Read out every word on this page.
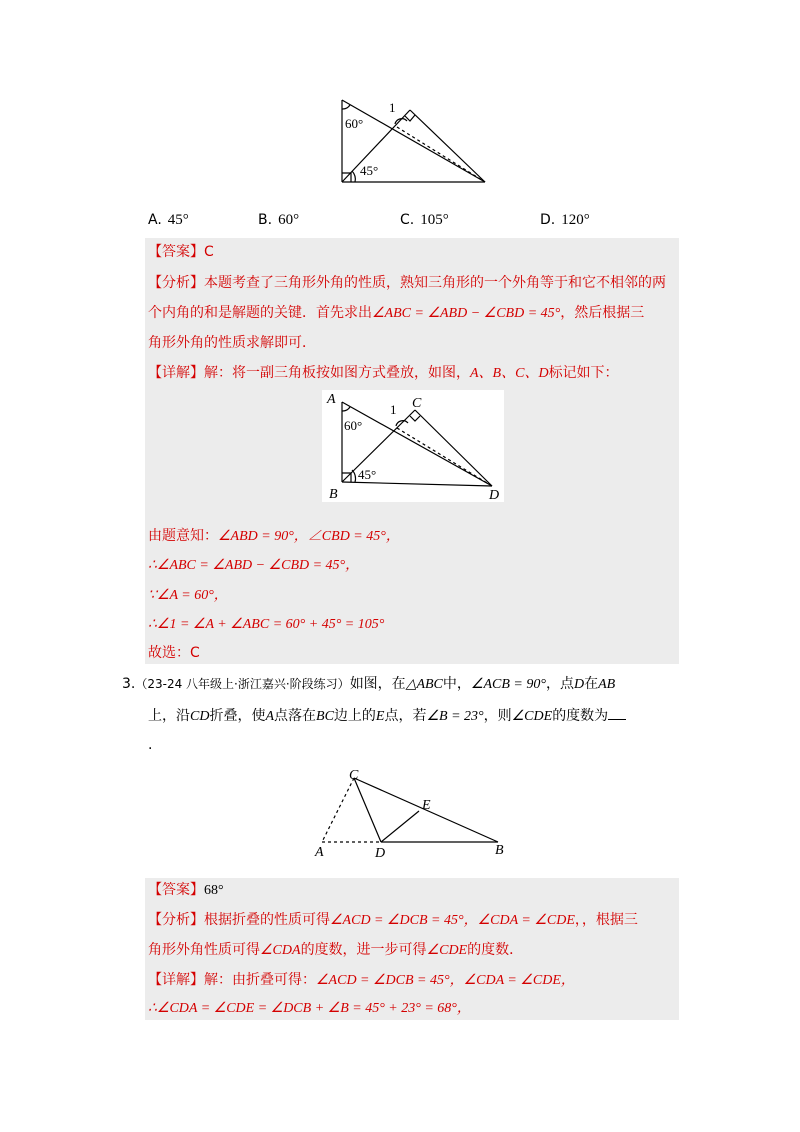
60°
45°
1
A. 45°	B. 60°	C. 105°	D. 120°
【答案】C
【分析】本题考查了三角形外角的性质，熟知三角形的一个外角等于和它不相邻的两
个内角的和是解题的关键．首先求出∠ABC = ∠ABD − ∠CBD = 45°，然后根据三
角形外角的性质求解即可．
【详解】解：将一副三角板按如图方式叠放，如图，A、B、C、D标记如下：
A
B
C
D
60°
45°
1
由题意知：∠ABD = 90°，∠CBD = 45°，
∴∠ABC = ∠ABD − ∠CBD = 45°，
∵∠A = 60°，
∴∠1 = ∠A + ∠ABC = 60° + 45° = 105°
故选：C
3.（23-24 八年级上·浙江嘉兴·阶段练习）如图，在△ABC中，∠ACB = 90°，点D在AB
上，沿CD折叠，使A点落在BC边上的E点，若∠B = 23°，则∠CDE的度数为
.
C
E
A	D	B
【答案】68°
【分析】根据折叠的性质可得∠ACD = ∠DCB = 45°，∠CDA = ∠CDE，，根据三
角形外角性质可得∠CDA的度数，进一步可得∠CDE的度数．
【详解】解：由折叠可得：∠ACD = ∠DCB = 45°，∠CDA = ∠CDE，
∴∠CDA = ∠CDE = ∠DCB + ∠B = 45° + 23° = 68°，
